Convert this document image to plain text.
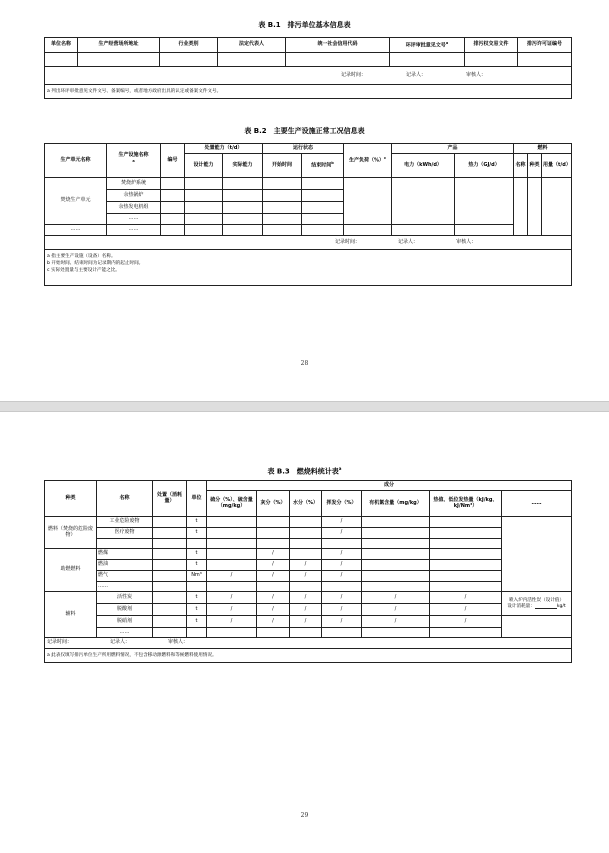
表 B.1　排污单位基本信息表
单位名称	生产经营场所地址	行业类别	法定代表人	统一社会信用代码	环评审批意见文号$^a$	排污权交易文件	排污许可证编号

记录时间： 记录人： 审核人：							
a 列出环评审批意见文件文号、备案编号，或者地方政府出具的认定或备案文件文号。							
表 B.2　主要生产设施正常工况信息表
生产单元名称	生产设施名称
$^a$	编号	处置能力（t/d）		运行状态		生产负荷（%）$^c$	产品		燃料		
			设计能力	实际能力	开始时间	结束时间$^b$		电力（kWh/d）	热力（GJ/d）	名称	种类	用量（t/d）
焚烧生产单元	焚烧炉系统											
	余热锅炉											
	余热发电机组											
	……											
……	……											
记录时间： 记录人： 审核人：												

a 指主要生产设施（设备）名称。
b 开始时间、结束时间为记录期内的起止时间。
c 实际处置量与主要设计产能之比。												
28
表 B.3　燃烧料统计表$^a$
种类	名称	处置（消耗量）	单位	成分						
				硫分（%）、硫含量（mg/kg）	灰分（%）	水分（%）	挥发分（%）	有机氯含量（mg/kg）	热值、低位发热量（kJ/kg、kJ/Nm³）	……
燃料（焚烧的危险废物）	工业危险废物		t				/			
	医疗废物		t				/			

助燃燃料	燃煤		t		/		/			
	燃油		t		/	/	/			
	燃气		Nm³	/	/	/	/			
	……									
辅料	活性炭		t	/	/	/	/	/	/	喷入炉内活性炭（设计值）
设计消耗量： kg/t

	脱酸剂		t	/	/	/	/	/	/	
	脱硝剂		t	/	/	/	/	/	/	
	……									
记录时间： 记录人： 审核人：										
a 此表仅填写排污单位生产所用燃料情况，不包含移动源燃料和等候燃料使用情况。										
29
